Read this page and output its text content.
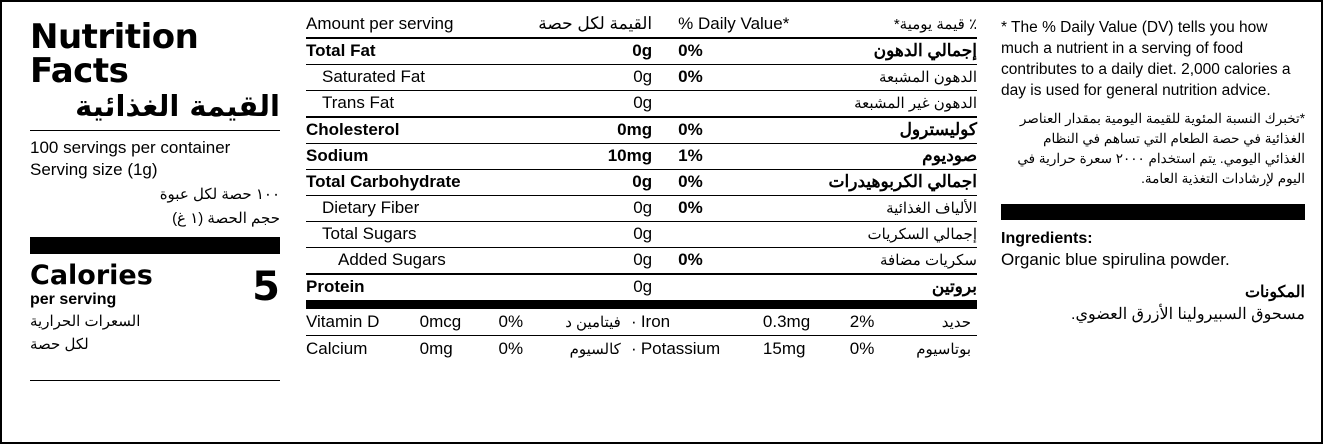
Nutrition Facts
القيمة الغذائية
100 servings per container
Serving size (1g)
١٠٠ حصة لكل عبوة
حجم الحصة (١ غ)
Calories
per serving
السعرات الحرارية
لكل حصة
5
Amount per serving	القيمة لكل حصة	% Daily Value*	٪ قيمة يومية*
Total Fat	0g	0%	إجمالي الدهون
Saturated Fat	0g	0%	الدهون المشبعة
Trans Fat	0g		الدهون غير المشبعة
Cholesterol	0mg	0%	كوليسترول
Sodium	10mg	1%	صوديوم
Total Carbohydrate	0g	0%	اجمالي الكربوهيدرات
Dietary Fiber	0g	0%	الألياف الغذائية
Total Sugars	0g		إجمالي السكريات
Added Sugars	0g	0%	سكريات مضافة
Protein	0g		بروتين
Vitamin D	0mcg	0%	فيتامين د	·	Iron	0.3mg	2%	حديد
Calcium	0mg	0%	كالسيوم	·	Potassium	15mg	0%	بوتاسيوم
* The % Daily Value (DV) tells you how much a nutrient in a serving of food contributes to a daily diet. 2,000 calories a day is used for general nutrition advice.
*تخبرك النسبة المئوية للقيمة اليومية بمقدار العناصر الغذائية في حصة الطعام التي تساهم في النظام الغذائي اليومي. يتم استخدام ٢٠٠٠ سعرة حرارية في اليوم لإرشادات التغذية العامة.
Ingredients:
Organic blue spirulina powder.
المكونات
مسحوق السبيرولينا الأزرق العضوي.
